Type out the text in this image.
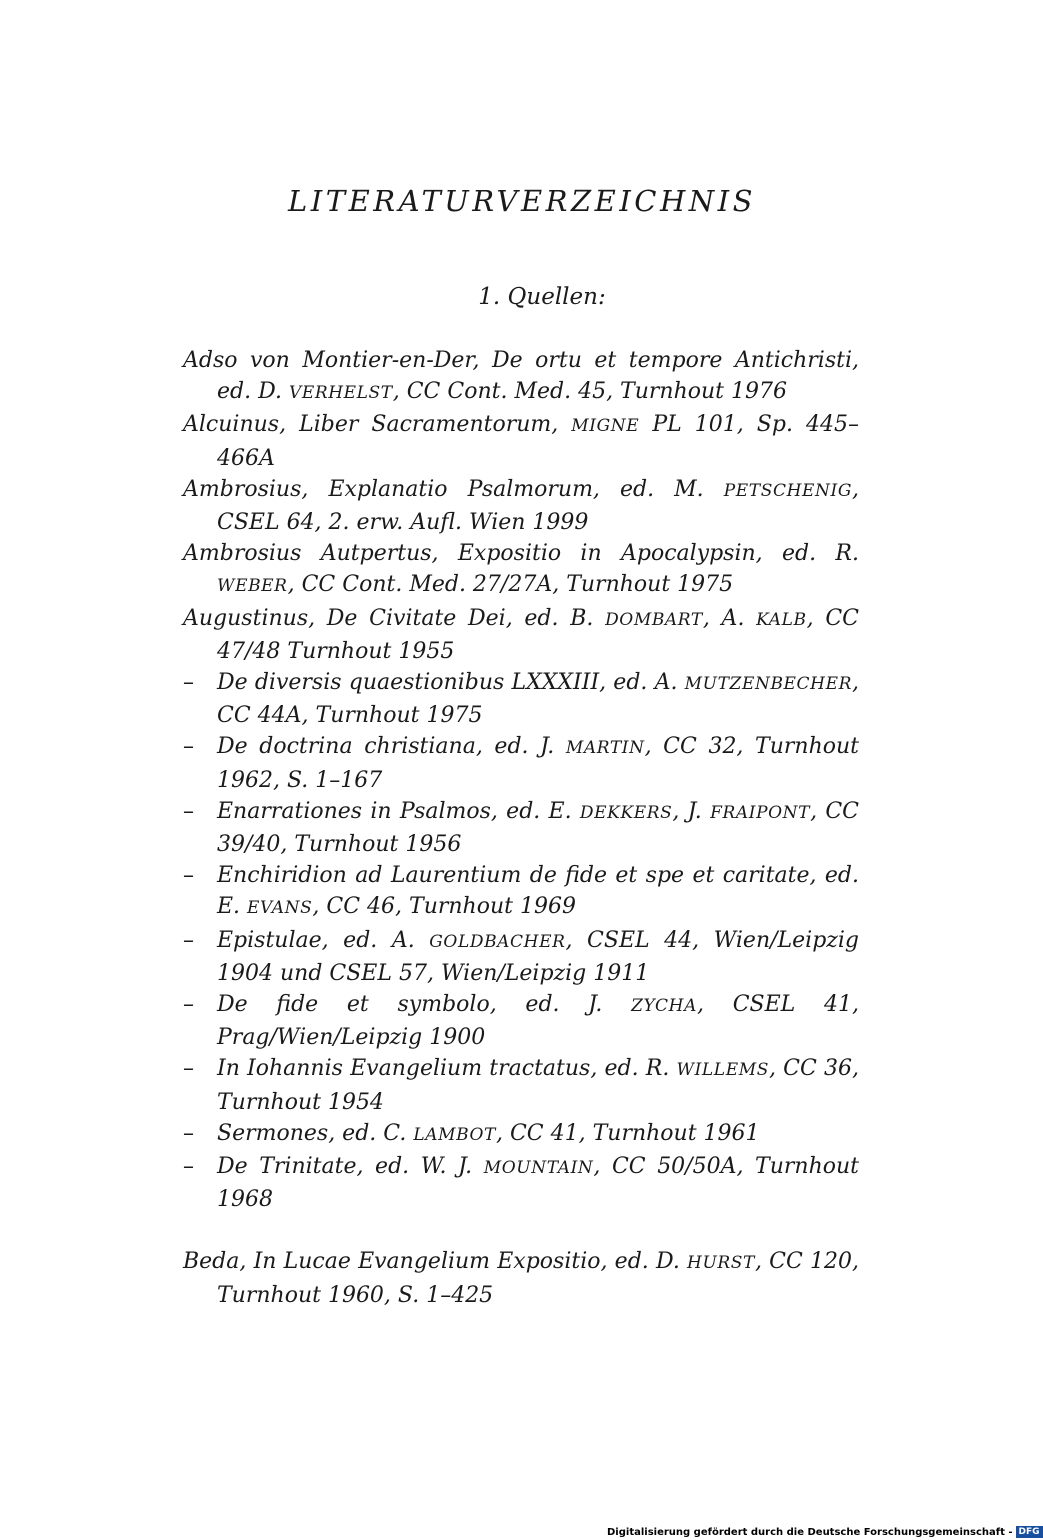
LITERATURVERZEICHNIS
1. Quellen:
Adso von Montier-en-Der, De ortu et tempore Antichristi, ed. D. VERHELST, CC Cont. Med. 45, Turnhout 1976
Alcuinus, Liber Sacramentorum, MIGNE PL 101, Sp. 445–466A
Ambrosius, Explanatio Psalmorum, ed. M. PETSCHENIG, CSEL 64, 2. erw. Aufl. Wien 1999
Ambrosius Autpertus, Expositio in Apocalypsin, ed. R. WEBER, CC Cont. Med. 27/27A, Turnhout 1975
Augustinus, De Civitate Dei, ed. B. DOMBART, A. KALB, CC 47/48 Turnhout 1955
–	De diversis quaestionibus LXXXIII, ed. A. MUTZENBECHER, CC 44A, Turnhout 1975
–	De doctrina christiana, ed. J. MARTIN, CC 32, Turnhout 1962, S. 1–167
–	Enarrationes in Psalmos, ed. E. DEKKERS, J. FRAIPONT, CC 39/40, Turnhout 1956
–	Enchiridion ad Laurentium de fide et spe et caritate, ed. E. EVANS, CC 46, Turnhout 1969
–	Epistulae, ed. A. GOLDBACHER, CSEL 44, Wien/Leipzig 1904 und CSEL 57, Wien/Leipzig 1911
–	De fide et symbolo, ed. J. ZYCHA, CSEL 41, Prag/Wien/Leipzig 1900
–	In Iohannis Evangelium tractatus, ed. R. WILLEMS, CC 36, Turnhout 1954
–	Sermones, ed. C. LAMBOT, CC 41, Turnhout 1961
–	De Trinitate, ed. W. J. MOUNTAIN, CC 50/50A, Turnhout 1968
Beda, In Lucae Evangelium Expositio, ed. D. HURST, CC 120, Turnhout 1960, S. 1–425
Digitalisierung gefördert durch die Deutsche Forschungsgemeinschaft - DFG
